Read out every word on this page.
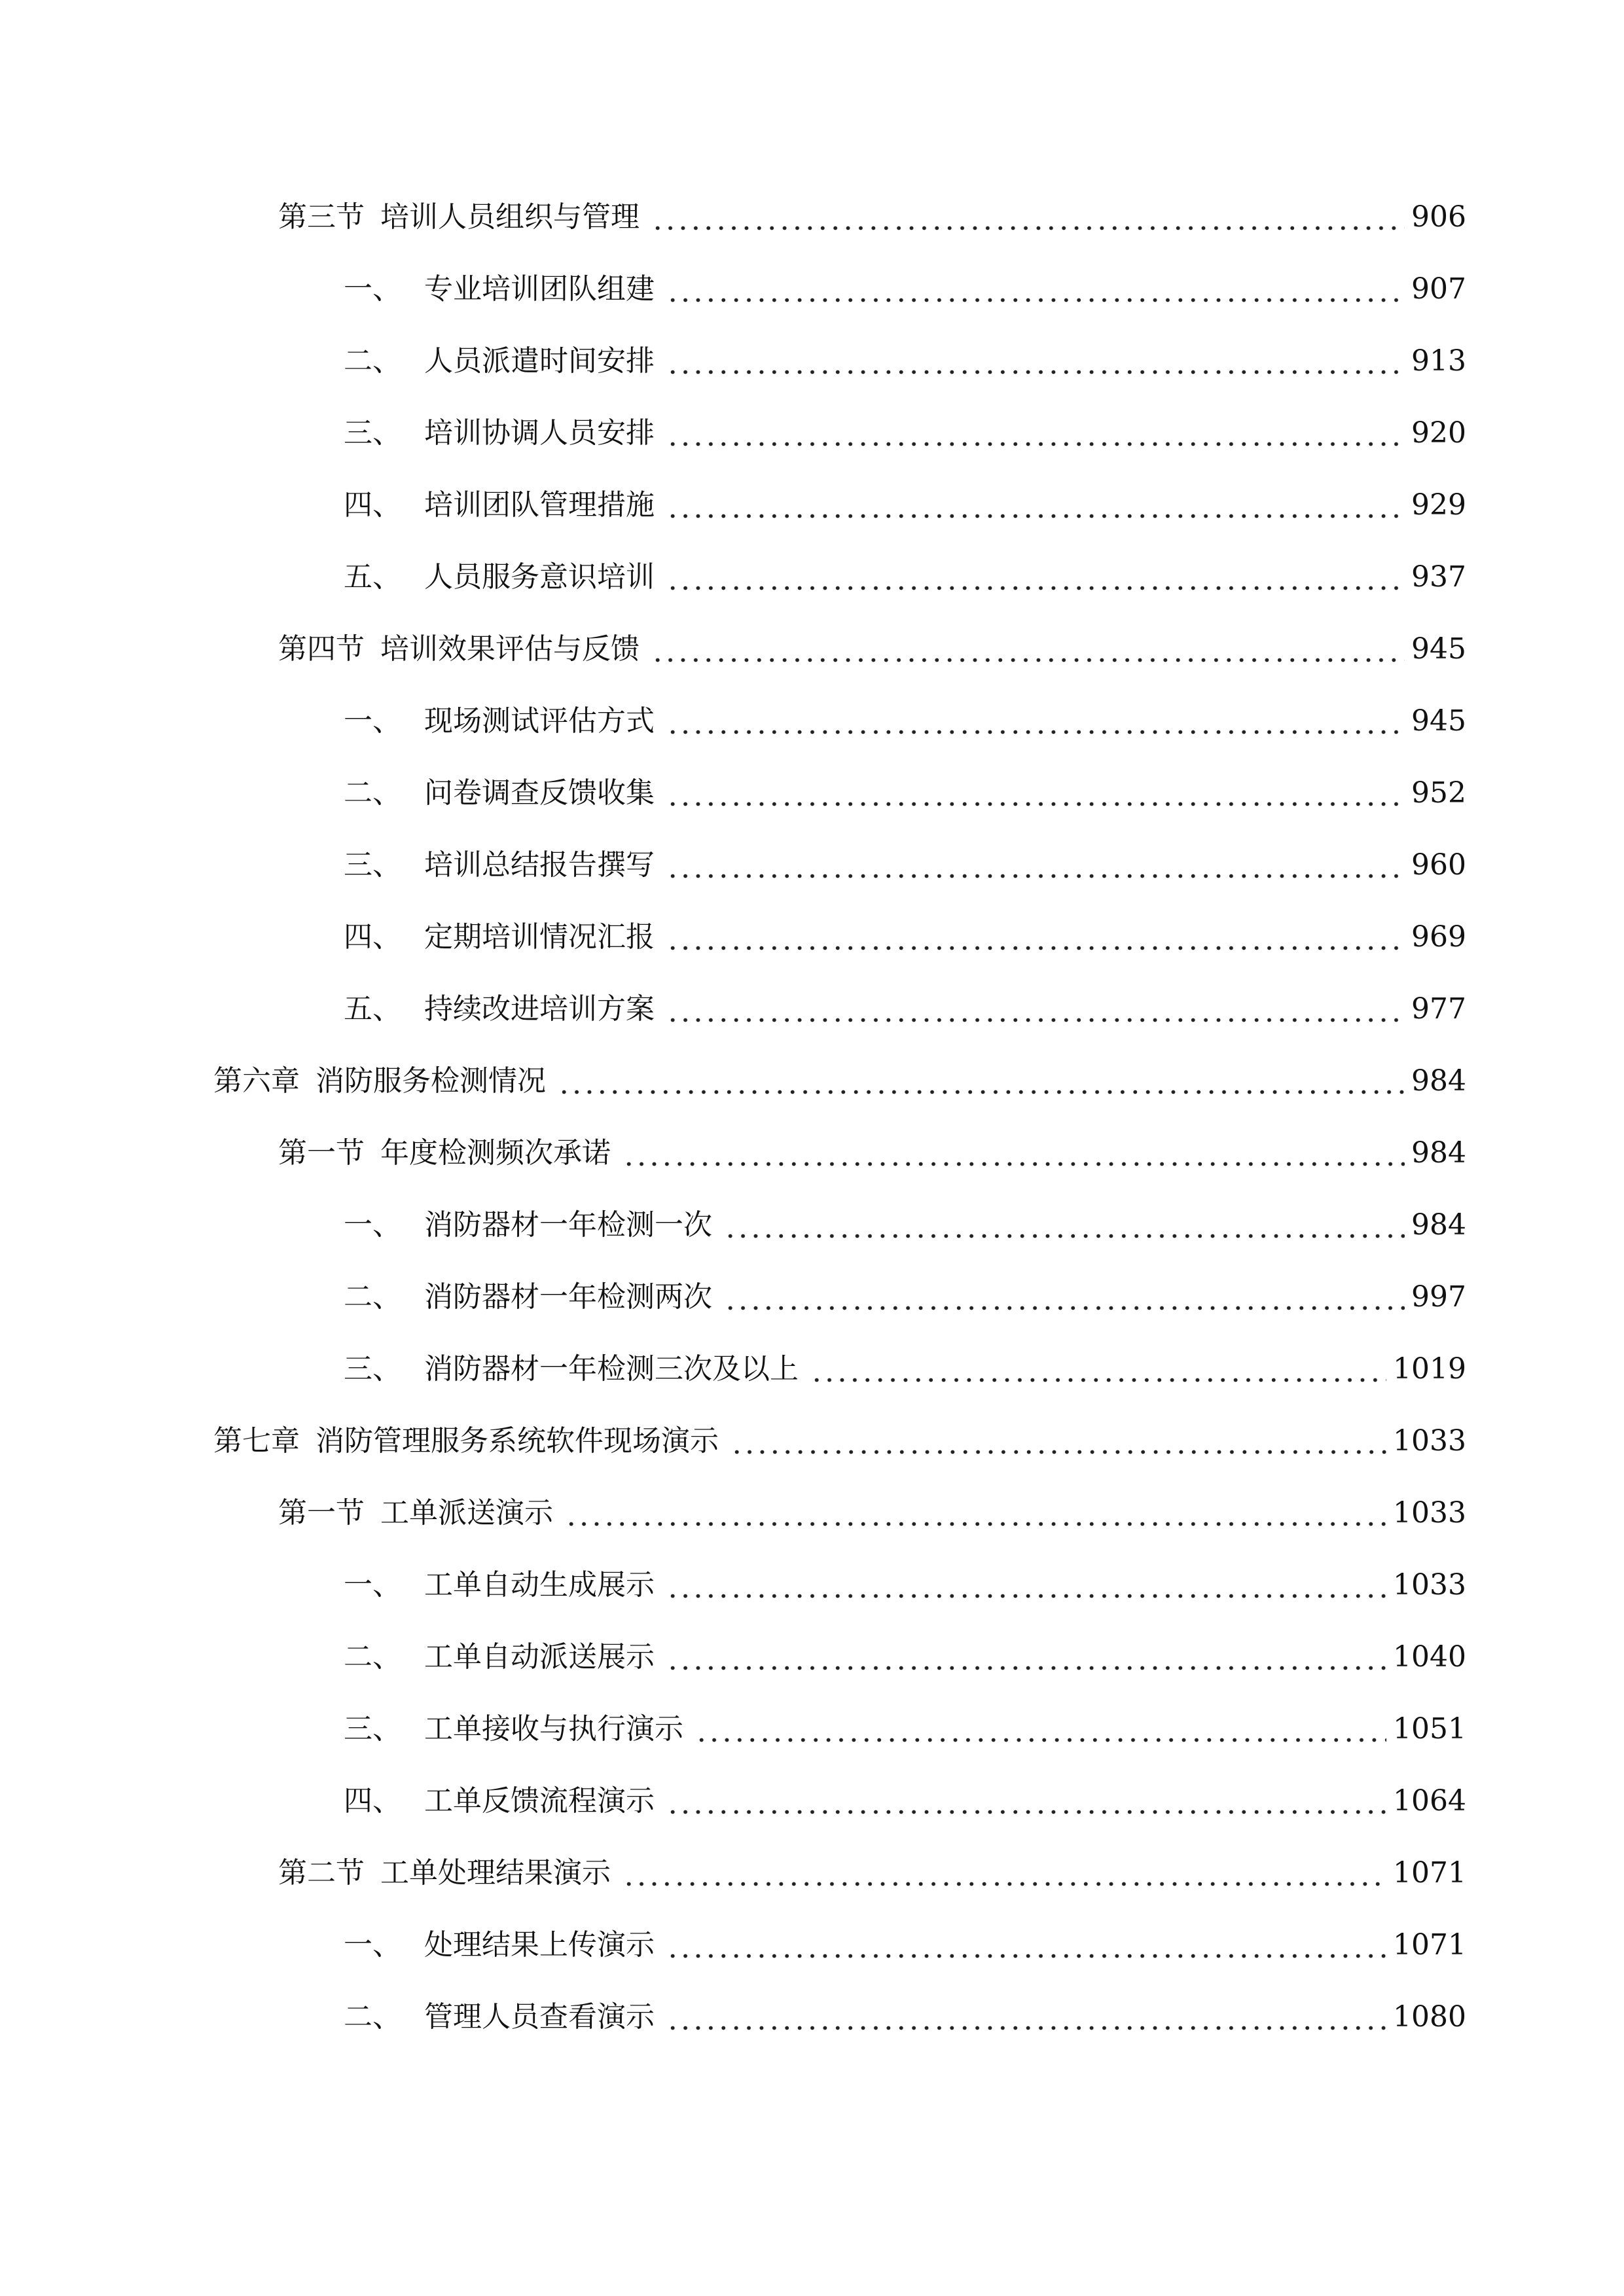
第三节 培训人员组织与管理	906
一、 专业培训团队组建	907
二、 人员派遣时间安排	913
三、 培训协调人员安排	920
四、 培训团队管理措施	929
五、 人员服务意识培训	937
第四节 培训效果评估与反馈	945
一、 现场测试评估方式	945
二、 问卷调查反馈收集	952
三、 培训总结报告撰写	960
四、 定期培训情况汇报	969
五、 持续改进培训方案	977
第六章 消防服务检测情况	984
第一节 年度检测频次承诺	984
一、 消防器材一年检测一次	984
二、 消防器材一年检测两次	997
三、 消防器材一年检测三次及以上	1019
第七章 消防管理服务系统软件现场演示	1033
第一节 工单派送演示	1033
一、 工单自动生成展示	1033
二、 工单自动派送展示	1040
三、 工单接收与执行演示	1051
四、 工单反馈流程演示	1064
第二节 工单处理结果演示	1071
一、 处理结果上传演示	1071
二、 管理人员查看演示	1080
